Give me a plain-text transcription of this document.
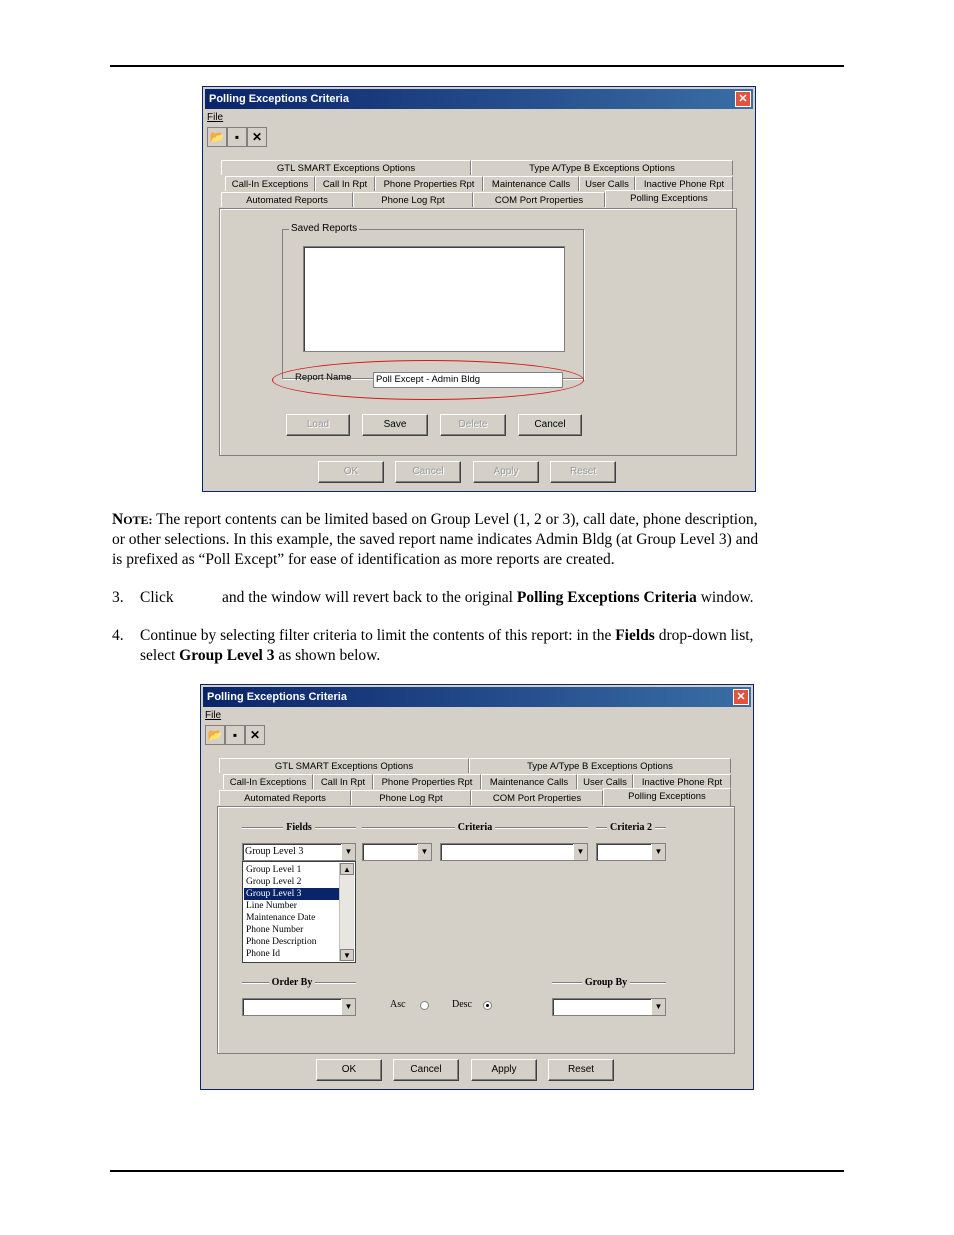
Polling Exceptions Criteria	✕
File
📂 ▪	✕
GTL SMART Exceptions Options	Type A/Type B Exceptions Options
Call-In Exceptions	Call In Rpt	Phone Properties Rpt	Maintenance Calls	User Calls	Inactive Phone Rpt
Automated Reports	Phone Log Rpt	COM Port Properties	Polling Exceptions
Saved Reports
Report Name	Poll Except - Admin Bldg
Load	Save	Delete	Cancel
OK	Cancel	Apply	Reset
NOTE: The report contents can be limited based on Group Level (1, 2 or 3), call date, phone description,
or other selections. In this example, the saved report name indicates Admin Bldg (at Group Level 3) and
is prefixed as “Poll Except” for ease of identification as more reports are created.
3. Click	and the window will revert back to the original Polling Exceptions Criteria window.
4. Continue by selecting filter criteria to limit the contents of this report: in the Fields drop-down list,
select Group Level 3 as shown below.
Polling Exceptions Criteria	✕
File
📂 ▪	✕
GTL SMART Exceptions Options	Type A/Type B Exceptions Options
Call-In Exceptions	Call In Rpt	Phone Properties Rpt	Maintenance Calls	User Calls	Inactive Phone Rpt
Automated Reports	Phone Log Rpt	COM Port Properties	Polling Exceptions
Fields	Criteria	Criteria 2
Group Level 3	▼	▼	▼	▼
Group Level 1
Group Level 2
Group Level 3
Line Number
Maintenance Date
Phone Number
Phone Description
Phone Id
▲
▼
Order By
▼	Asc	Desc
Group By
▼
OK	Cancel	Apply	Reset
